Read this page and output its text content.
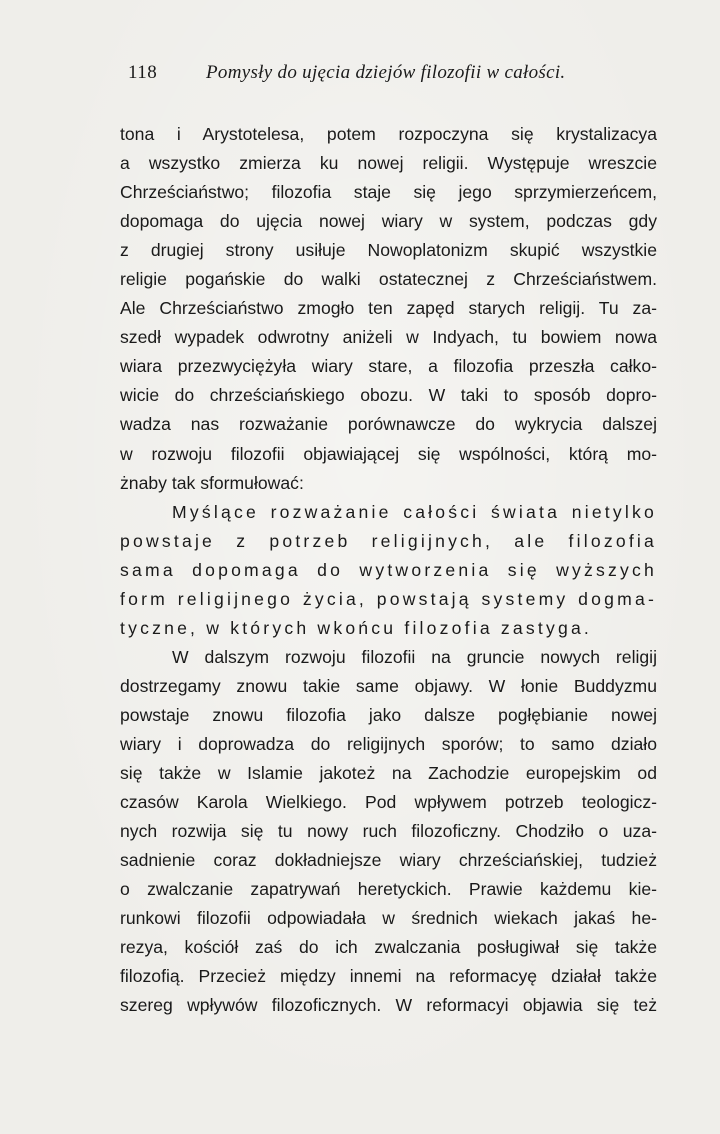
118	Pomysły do ujęcia dziejów filozofii w całości.
tona i Arystotelesa, potem rozpoczyna się krystalizacya
a wszystko zmierza ku nowej religii. Występuje wreszcie
Chrześciaństwo; filozofia staje się jego sprzymierzeńcem,
dopomaga do ujęcia nowej wiary w system, podczas gdy
z drugiej strony usiłuje Nowoplatonizm skupić wszystkie
religie pogańskie do walki ostatecznej z Chrześciaństwem.
Ale Chrześciaństwo zmogło ten zapęd starych religij. Tu za-
szedł wypadek odwrotny aniżeli w Indyach, tu bowiem nowa
wiara przezwyciężyła wiary stare, a filozofia przeszła całko-
wicie do chrześciańskiego obozu. W taki to sposób dopro-
wadza nas rozważanie porównawcze do wykrycia dalszej
w rozwoju filozofii objawiającej się wspólności, którą mo-
żnaby tak sformułować:
Myślące rozważanie całości świata nietylko
powstaje z potrzeb religijnych, ale filozofia
sama dopomaga do wytworzenia się wyższych
form religijnego życia, powstają systemy dogma-
tyczne, w których wkońcu filozofia zastyga.
W dalszym rozwoju filozofii na gruncie nowych religij
dostrzegamy znowu takie same objawy. W łonie Buddyzmu
powstaje znowu filozofia jako dalsze pogłębianie nowej
wiary i doprowadza do religijnych sporów; to samo działo
się także w Islamie jakoteż na Zachodzie europejskim od
czasów Karola Wielkiego. Pod wpływem potrzeb teologicz-
nych rozwija się tu nowy ruch filozoficzny. Chodziło o uza-
sadnienie coraz dokładniejsze wiary chrześciańskiej, tudzież
o zwalczanie zapatrywań heretyckich. Prawie każdemu kie-
runkowi filozofii odpowiadała w średnich wiekach jakaś he-
rezya, kościół zaś do ich zwalczania posługiwał się także
filozofią. Przecież między innemi na reformacyę działał także
szereg wpływów filozoficznych. W reformacyi objawia się też
